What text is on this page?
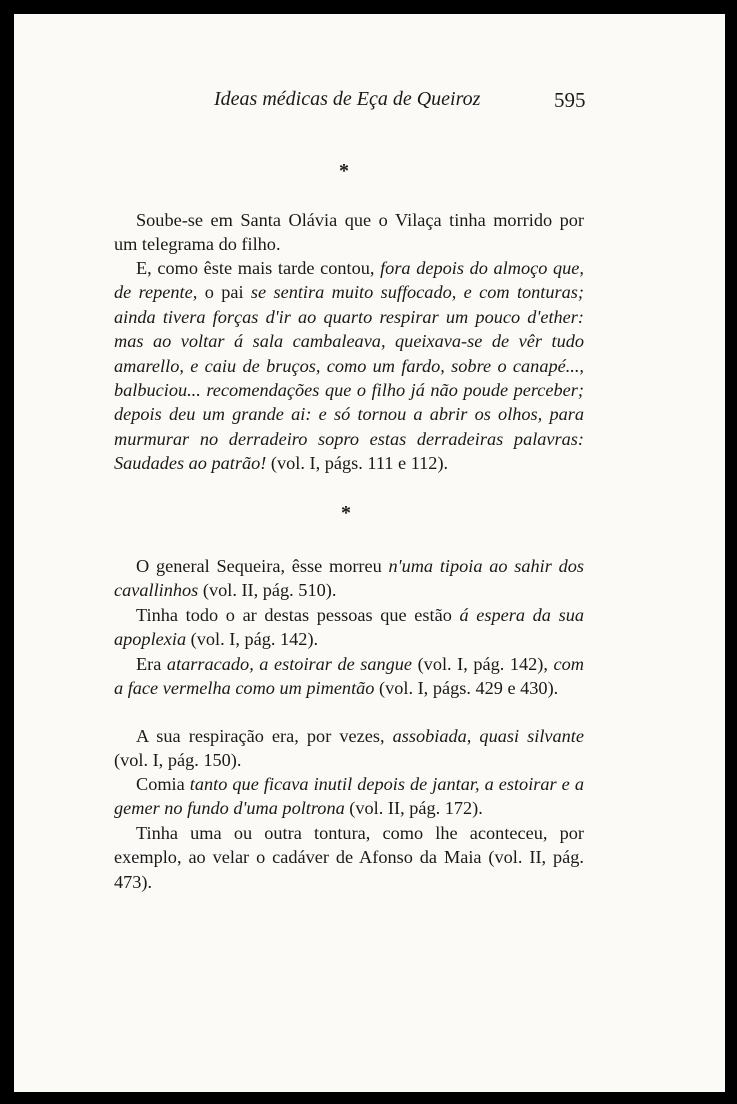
Ideas médicas de Eça de Queiroz	595
*

Soube-se em Santa Olávia que o Vilaça tinha morrido por um telegrama do filho.

E, como êste mais tarde contou, fora depois do almoço que, de repente, o pai se sentira muito suffocado, e com tonturas; ainda tivera forças d'ir ao quarto respirar um pouco d'ether: mas ao voltar á sala cambaleava, queixava-se de vêr tudo amarello, e caiu de bruços, como um fardo, sobre o canapé..., balbuciou... recomendações que o filho já não poude perceber; depois deu um grande ai: e só tornou a abrir os olhos, para murmurar no derradeiro sopro estas derradeiras palavras: Saudades ao patrão! (vol. I, págs. 111 e 112).

*

O general Sequeira, êsse morreu n'uma tipoia ao sahir dos cavallinhos (vol. II, pág. 510).

Tinha todo o ar destas pessoas que estão á espera da sua apoplexia (vol. I, pág. 142).

Era atarracado, a estoirar de sangue (vol. I, pág. 142), com a face vermelha como um pimentão (vol. I, págs. 429 e 430).

A sua respiração era, por vezes, assobiada, quasi silvante (vol. I, pág. 150).

Comia tanto que ficava inutil depois de jantar, a estoirar e a gemer no fundo d'uma poltrona (vol. II, pág. 172).

Tinha uma ou outra tontura, como lhe aconteceu, por exemplo, ao velar o cadáver de Afonso da Maia (vol. II, pág. 473).
